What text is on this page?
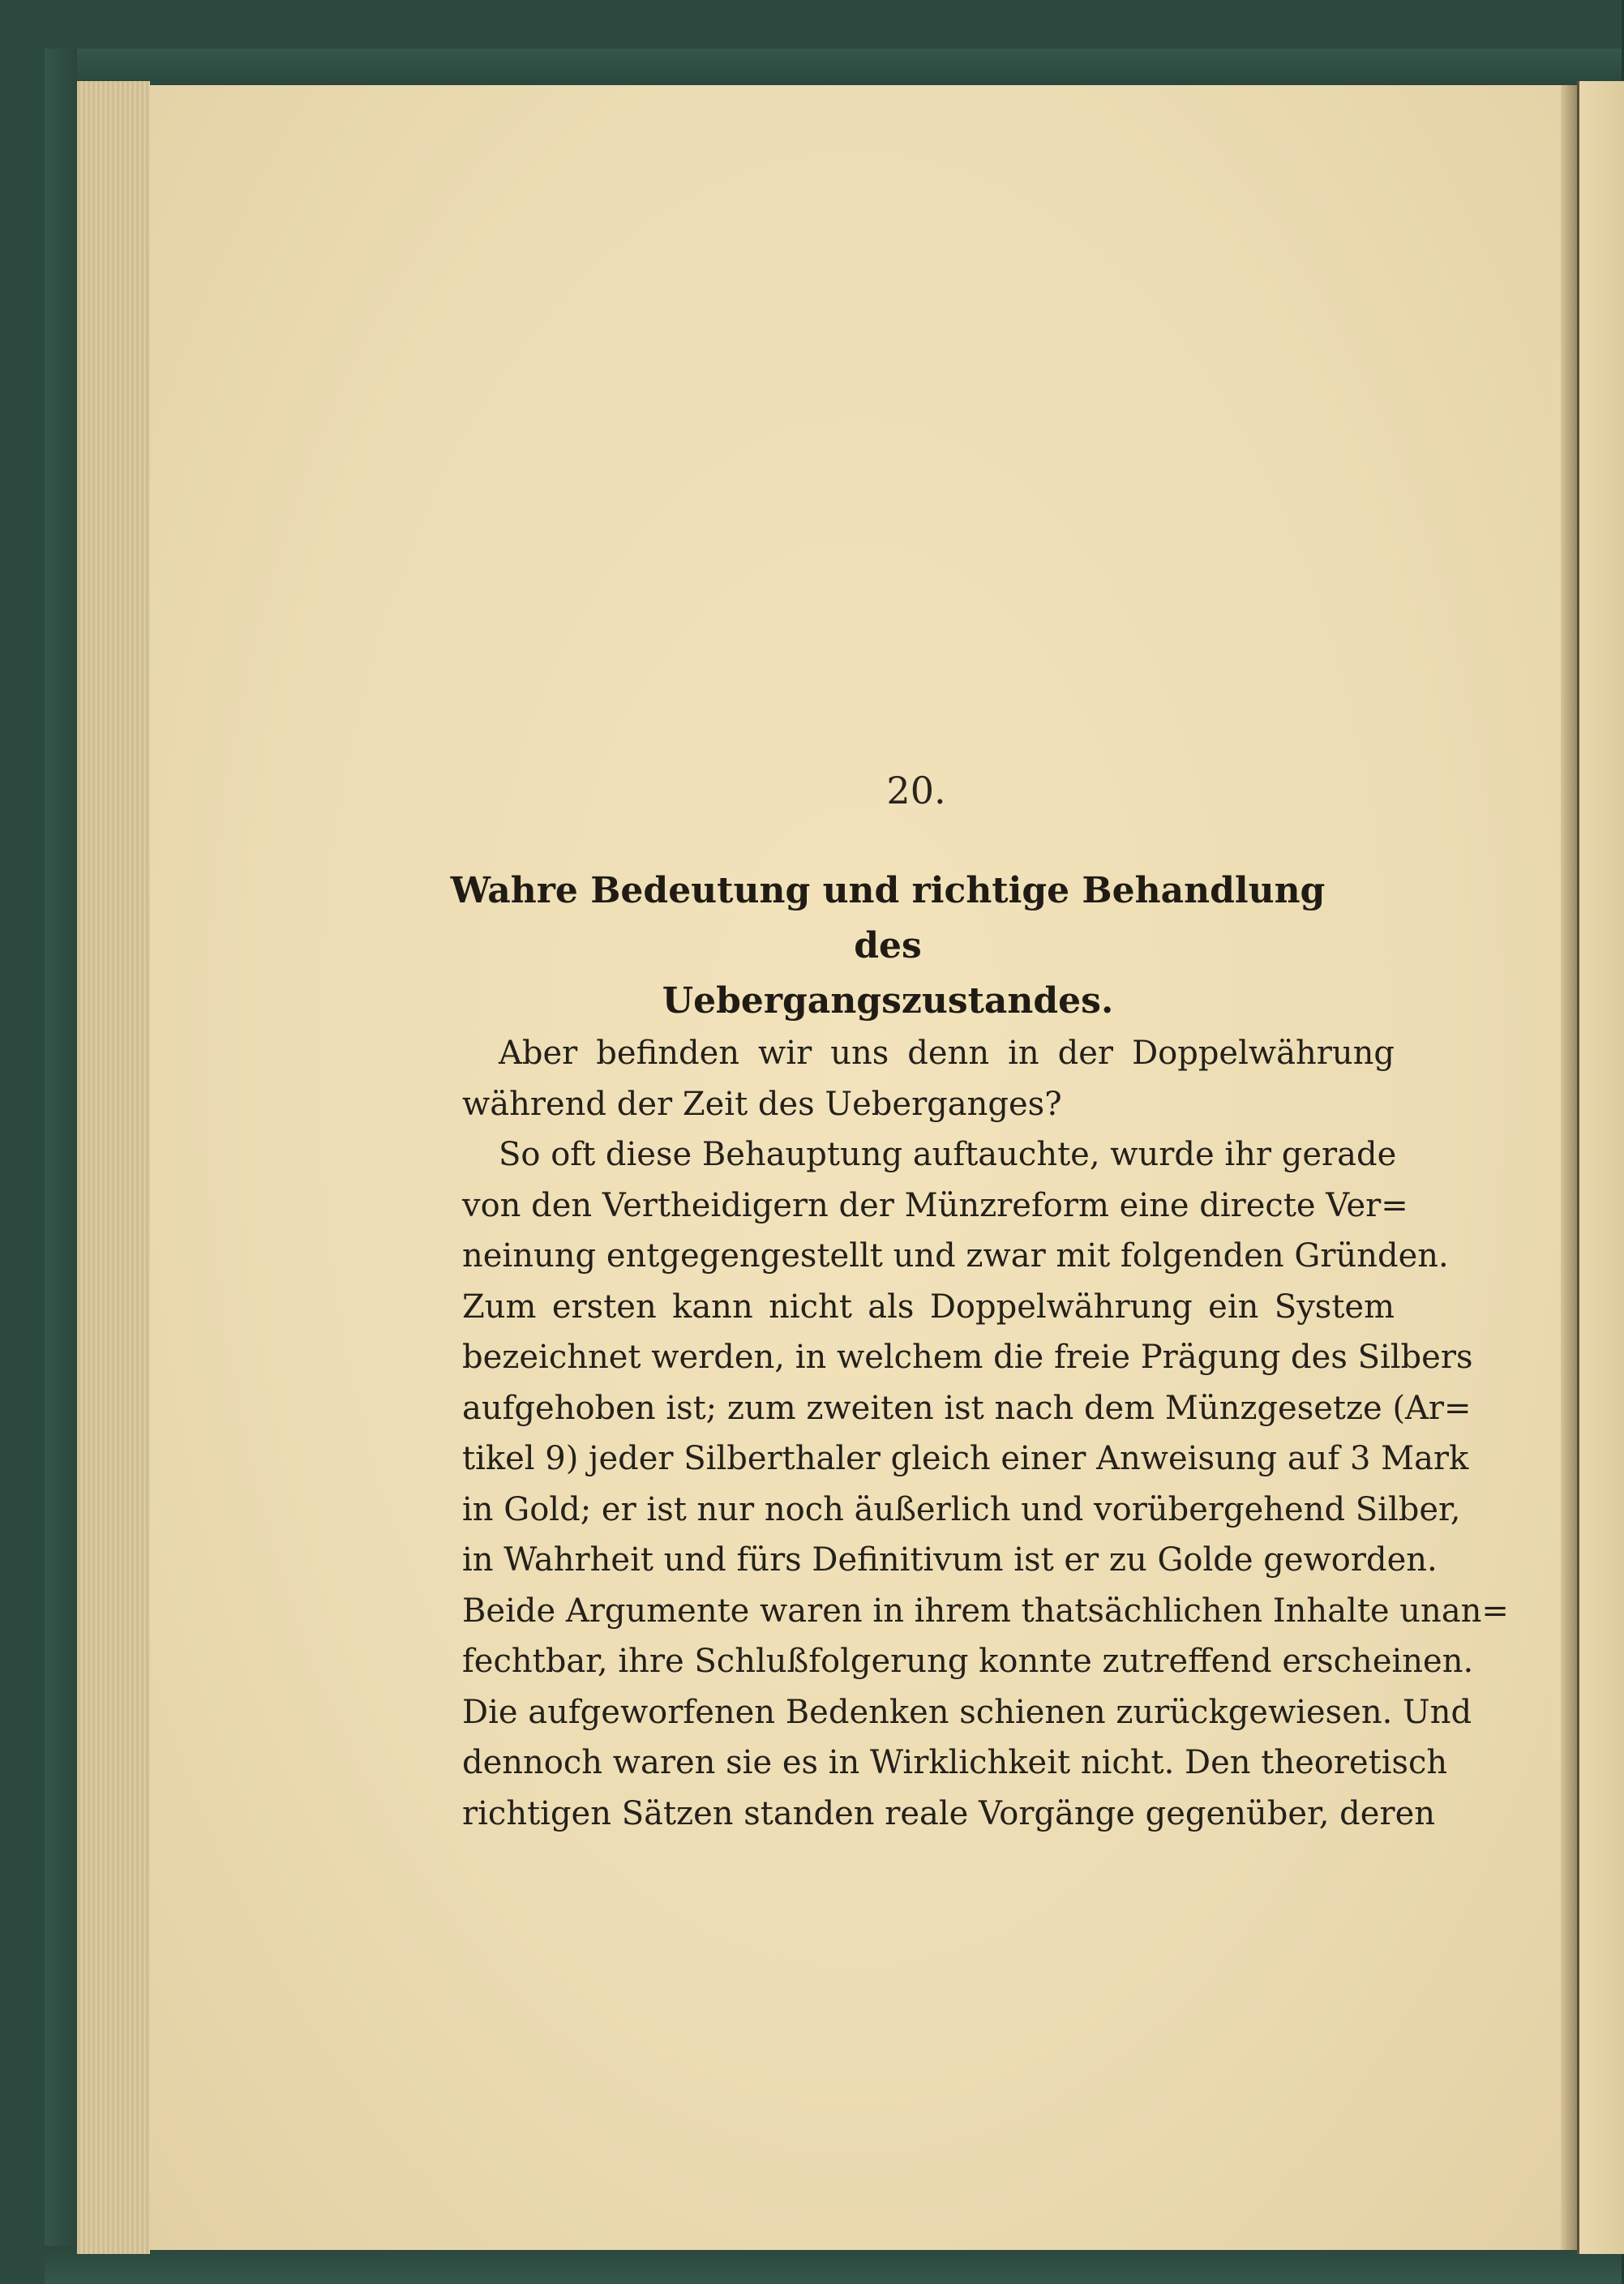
20.
Wahre Bedeutung und richtige Behandlung des
Uebergangszustandes.
Aber befinden wir uns denn in der Doppelwährung
während der Zeit des Ueberganges?
So oft diese Behauptung auftauchte, wurde ihr gerade
von den Vertheidigern der Münzreform eine directe Ver=
neinung entgegengestellt und zwar mit folgenden Gründen.
Zum ersten kann nicht als Doppelwährung ein System
bezeichnet werden, in welchem die freie Prägung des Silbers
aufgehoben ist; zum zweiten ist nach dem Münzgesetze (Ar=
tikel 9) jeder Silberthaler gleich einer Anweisung auf 3 Mark
in Gold; er ist nur noch äußerlich und vorübergehend Silber,
in Wahrheit und fürs Definitivum ist er zu Golde geworden.
Beide Argumente waren in ihrem thatsächlichen Inhalte unan=
fechtbar, ihre Schlußfolgerung konnte zutreffend erscheinen.
Die aufgeworfenen Bedenken schienen zurückgewiesen. Und
dennoch waren sie es in Wirklichkeit nicht. Den theoretisch
richtigen Sätzen standen reale Vorgänge gegenüber, deren
